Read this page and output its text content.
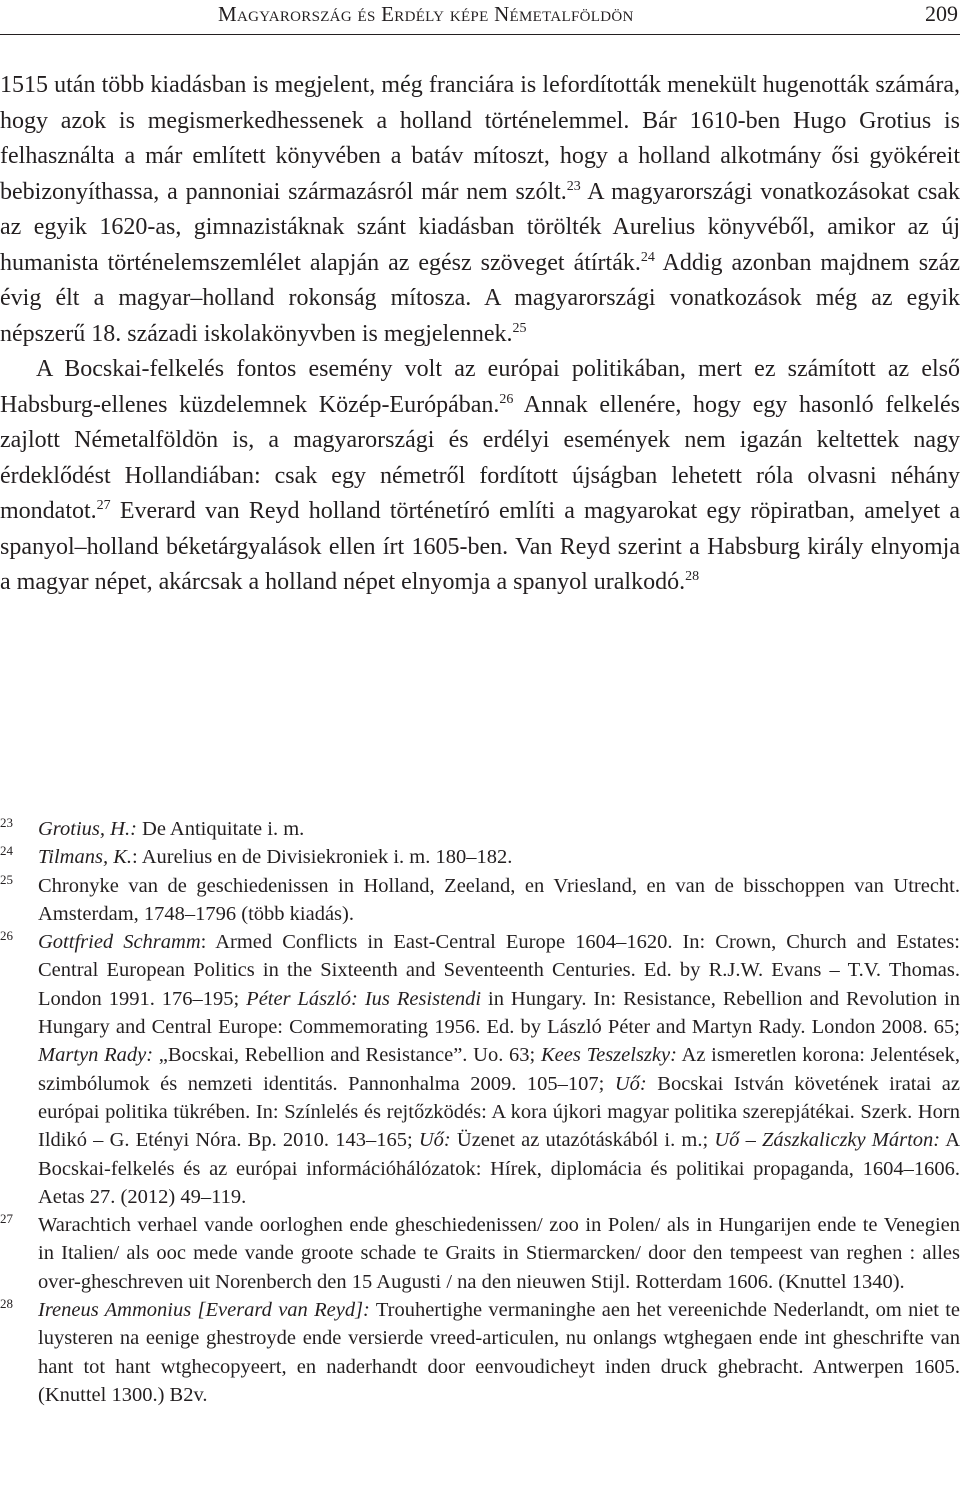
Magyarország és Erdély képe Németalföldön	209

1515 után több kiadásban is megjelent, még franciára is lefordították menekült hugenották számára, hogy azok is megismerkedhessenek a holland történelemmel. Bár 1610-ben Hugo Grotius is felhasználta a már említett könyvében a batáv mítoszt, hogy a holland alkotmány ősi gyökéreit bebizonyíthassa, a pannoniai származásról már nem szólt.$^{23}$ A magyarországi vonatkozásokat csak az egyik 1620-as, gimnazistáknak szánt kiadásban törölték Aurelius könyvéből, amikor az új humanista történelemszemlélet alapján az egész szöveget átírták.$^{24}$ Addig azonban majdnem száz évig élt a magyar–holland rokonság mítosza. A magyarországi vonatkozások még az egyik népszerű 18. századi iskolakönyvben is megjelennek.$^{25}$

A Bocskai-felkelés fontos esemény volt az európai politikában, mert ez számított az első Habsburg-ellenes küzdelemnek Közép-Európában.$^{26}$ Annak ellenére, hogy egy hasonló felkelés zajlott Németalföldön is, a magyarországi és erdélyi események nem igazán keltettek nagy érdeklődést Hollandiában: csak egy németről fordított újságban lehetett róla olvasni néhány mondatot.$^{27}$ Everard van Reyd holland történetíró említi a magyarokat egy röpiratban, amelyet a spanyol–holland béketárgyalások ellen írt 1605-ben. Van Reyd szerint a Habsburg király elnyomja a magyar népet, akárcsak a holland népet elnyomja a spanyol uralkodó.$^{28}$

23	Grotius, H.: De Antiquitate i. m.
24	Tilmans, K.: Aurelius en de Divisiekroniek i. m. 180–182.
25	Chronyke van de geschiedenissen in Holland, Zeeland, en Vriesland, en van de bisschoppen van Utrecht. Amsterdam, 1748–1796 (több kiadás).
26	Gottfried Schramm: Armed Conflicts in East-Central Europe 1604–1620. In: Crown, Church and Estates: Central European Politics in the Sixteenth and Seventeenth Centuries. Ed. by R.J.W. Evans – T.V. Thomas. London 1991. 176–195; Péter László: Ius Resistendi in Hungary. In: Resistance, Rebellion and Revolution in Hungary and Central Europe: Commemorating 1956. Ed. by László Péter and Martyn Rady. London 2008. 65; Martyn Rady: „Bocskai, Rebellion and Resistance”. Uo. 63; Kees Teszelszky: Az ismeretlen korona: Jelentések, szimbólumok és nemzeti identitás. Pannonhalma 2009. 105–107; Uő: Bocskai István követének iratai az európai politika tükrében. In: Színlelés és rejtőzködés: A kora újkori magyar politika szerepjátékai. Szerk. Horn Ildikó – G. Etényi Nóra. Bp. 2010. 143–165; Uő: Üzenet az utazótáskából i. m.; Uő – Zászkaliczky Márton: A Bocskai-felkelés és az európai információhálózatok: Hírek, diplomácia és politikai propaganda, 1604–1606. Aetas 27. (2012) 49–119.
27	Warachtich verhael vande oorloghen ende gheschiedenissen/ zoo in Polen/ als in Hungarijen ende te Venegien in Italien/ als ooc mede vande groote schade te Graits in Stiermarcken/ door den tempeest van reghen : alles over-gheschreven uit Norenberch den 15 Augusti / na den nieuwen Stijl. Rotterdam 1606. (Knuttel 1340).
28	Ireneus Ammonius [Everard van Reyd]: Trouhertighe vermaninghe aen het vereenichde Nederlandt, om niet te luysteren na eenige ghestroyde ende versierde vreed-articulen, nu onlangs wtghegaen ende int gheschrifte van hant tot hant wtghecopyeert, en naderhandt door eenvoudicheyt inden druck ghebracht. Antwerpen 1605. (Knuttel 1300.) B2v.
